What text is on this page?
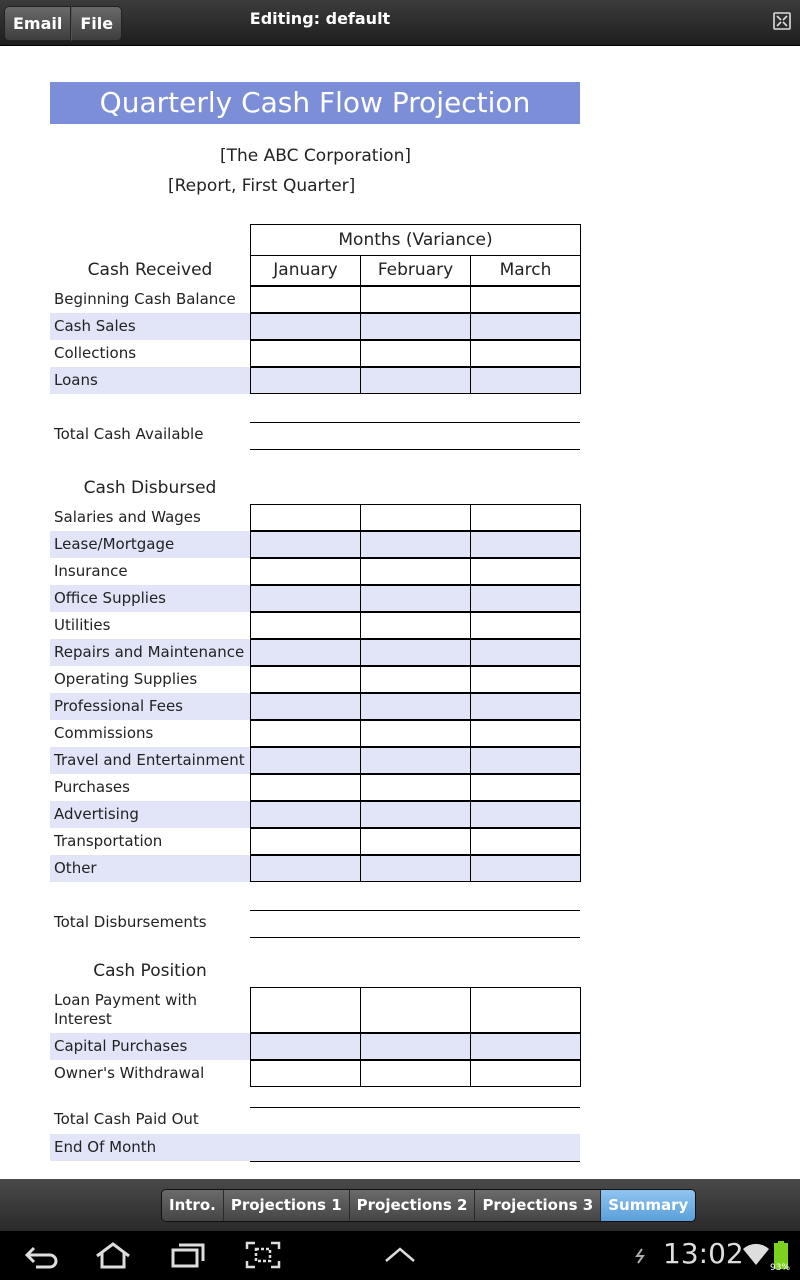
Email	File	Editing: default
Quarterly Cash Flow Projection
[The ABC Corporation]
[Report, First Quarter]
Months (Variance)
January	February	March
Cash Received
Beginning Cash Balance
Cash Sales
Collections
Loans
Total Cash Available
Cash Disbursed
Salaries and Wages
Lease/Mortgage
Insurance
Office Supplies
Utilities
Repairs and Maintenance
Operating Supplies
Professional Fees
Commissions
Travel and Entertainment
Purchases
Advertising
Transportation
Other
Total Disbursements
Cash Position
Loan Payment with Interest
Capital Purchases
Owner's Withdrawal
Total Cash Paid Out
End Of Month
Intro.	Projections 1	Projections 2	Projections 3	Summary
13:02	93%
